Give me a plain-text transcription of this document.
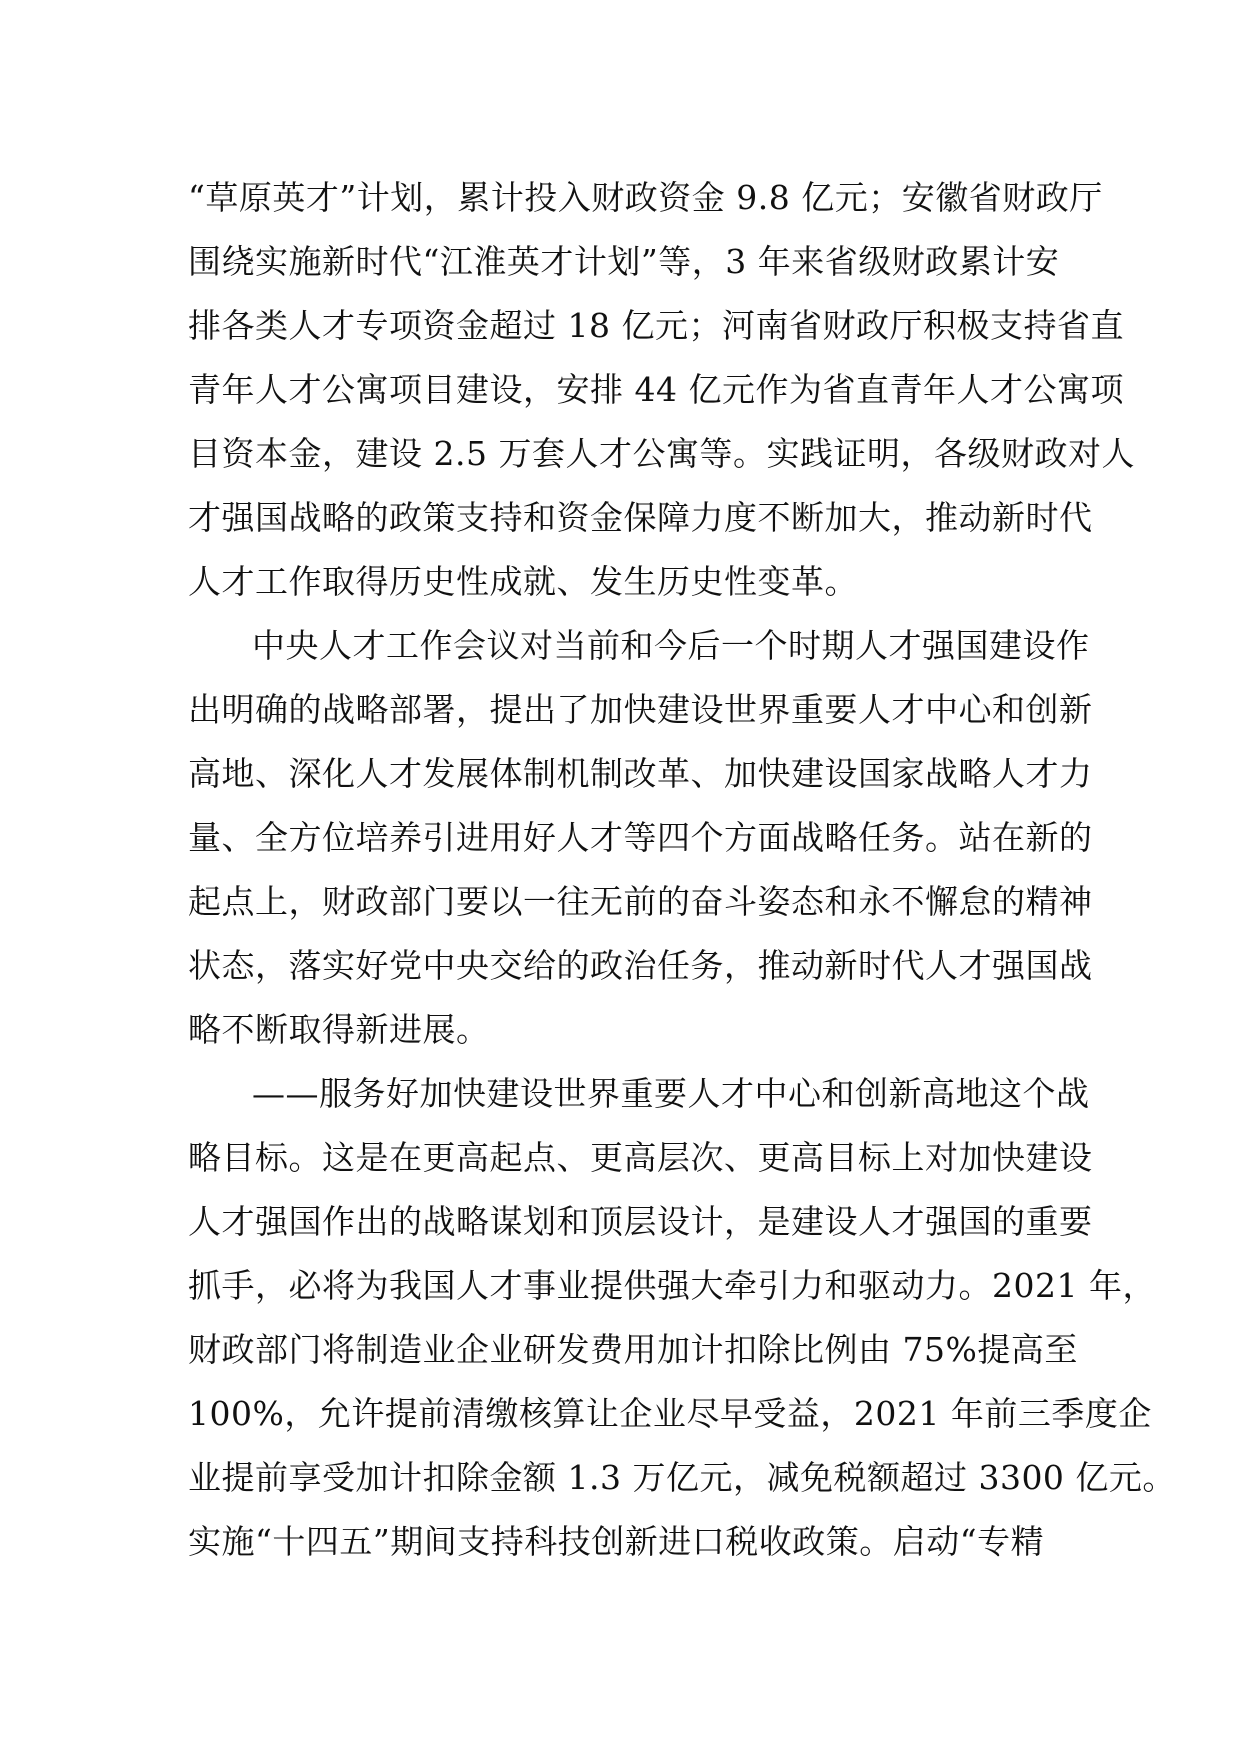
“草原英才”计划，累计投入财政资金 9.8 亿元；安徽省财政厅
围绕实施新时代“江淮英才计划”等，3 年来省级财政累计安
排各类人才专项资金超过 18 亿元；河南省财政厅积极支持省直
青年人才公寓项目建设，安排 44 亿元作为省直青年人才公寓项
目资本金，建设 2.5 万套人才公寓等。实践证明，各级财政对人
才强国战略的政策支持和资金保障力度不断加大，推动新时代
人才工作取得历史性成就、发生历史性变革。
中央人才工作会议对当前和今后一个时期人才强国建设作
出明确的战略部署，提出了加快建设世界重要人才中心和创新
高地、深化人才发展体制机制改革、加快建设国家战略人才力
量、全方位培养引进用好人才等四个方面战略任务。站在新的
起点上，财政部门要以一往无前的奋斗姿态和永不懈怠的精神
状态，落实好党中央交给的政治任务，推动新时代人才强国战
略不断取得新进展。
——服务好加快建设世界重要人才中心和创新高地这个战
略目标。这是在更高起点、更高层次、更高目标上对加快建设
人才强国作出的战略谋划和顶层设计，是建设人才强国的重要
抓手，必将为我国人才事业提供强大牵引力和驱动力。2021 年，
财政部门将制造业企业研发费用加计扣除比例由 75%提高至
100%，允许提前清缴核算让企业尽早受益，2021 年前三季度企
业提前享受加计扣除金额 1.3 万亿元，减免税额超过 3300 亿元。
实施“十四五”期间支持科技创新进口税收政策。启动“专精
